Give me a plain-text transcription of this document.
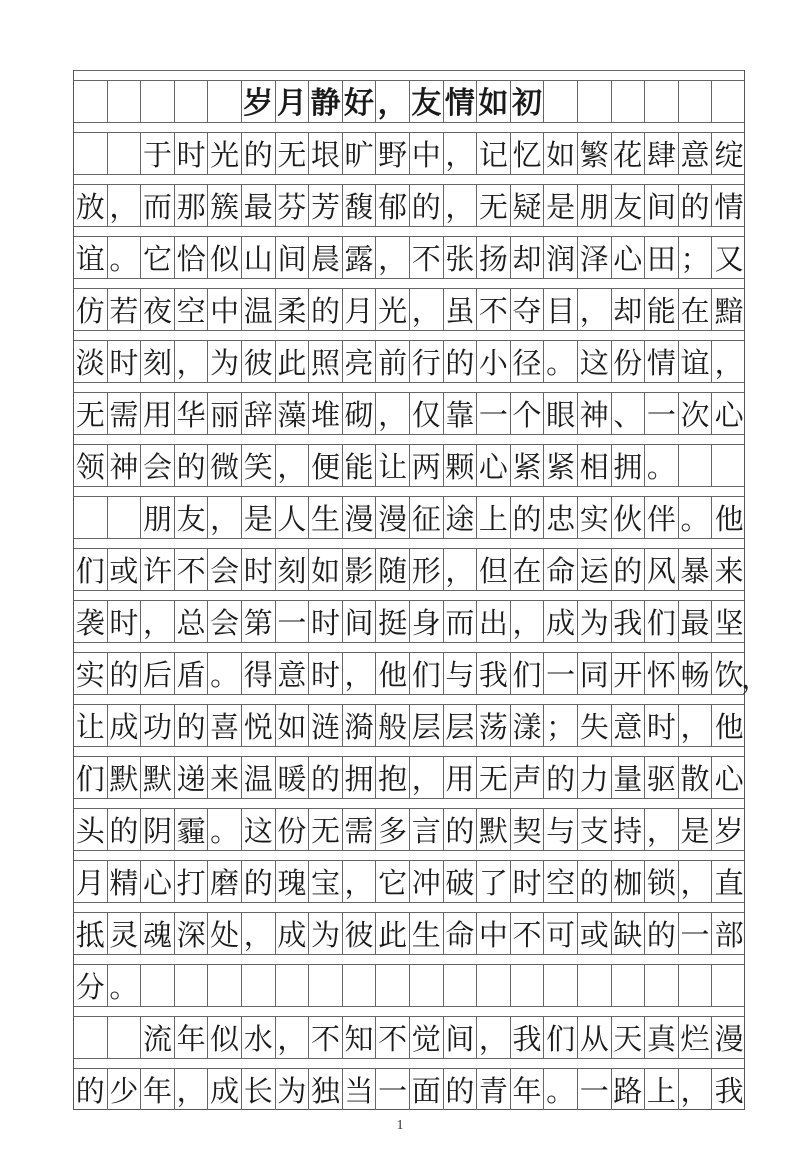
岁 月 静 好 ， 友 情 如 初

于 时 光 的 无 垠 旷 野 中 ， 记 忆 如 繁 花 肆 意 绽
放 ， 而 那 簇 最 芬 芳 馥 郁 的 ， 无 疑 是 朋 友 间 的 情
谊 。 它 恰 似 山 间 晨 露 ， 不 张 扬 却 润 泽 心 田 ； 又
仿 若 夜 空 中 温 柔 的 月 光 ， 虽 不 夺 目 ， 却 能 在 黯
淡 时 刻 ， 为 彼 此 照 亮 前 行 的 小 径 。 这 份 情 谊 ，
无 需 用 华 丽 辞 藻 堆 砌 ， 仅 靠 一 个 眼 神 、 一 次 心
领 神 会 的 微 笑 ， 便 能 让 两 颗 心 紧 紧 相 拥 。

朋 友 ， 是 人 生 漫 漫 征 途 上 的 忠 实 伙 伴 。 他
们 或 许 不 会 时 刻 如 影 随 形 ， 但 在 命 运 的 风 暴 来
袭 时 ， 总 会 第 一 时 间 挺 身 而 出 ， 成 为 我 们 最 坚
实 的 后 盾 。 得 意 时 ， 他 们 与 我 们 一 同 开 怀 畅 饮
，
让 成 功 的 喜 悦 如 涟 漪 般 层 层 荡 漾 ； 失 意 时 ， 他
们 默 默 递 来 温 暖 的 拥 抱 ， 用 无 声 的 力 量 驱 散 心
头 的 阴 霾 。 这 份 无 需 多 言 的 默 契 与 支 持 ， 是 岁
月 精 心 打 磨 的 瑰 宝 ， 它 冲 破 了 时 空 的 枷 锁 ， 直
抵 灵 魂 深 处 ， 成 为 彼 此 生 命 中 不 可 或 缺 的 一 部
分 。

流 年 似 水 ， 不 知 不 觉 间 ， 我 们 从 天 真 烂 漫
的 少 年 ， 成 长 为 独 当 一 面 的 青 年 。 一 路 上 ， 我
1
